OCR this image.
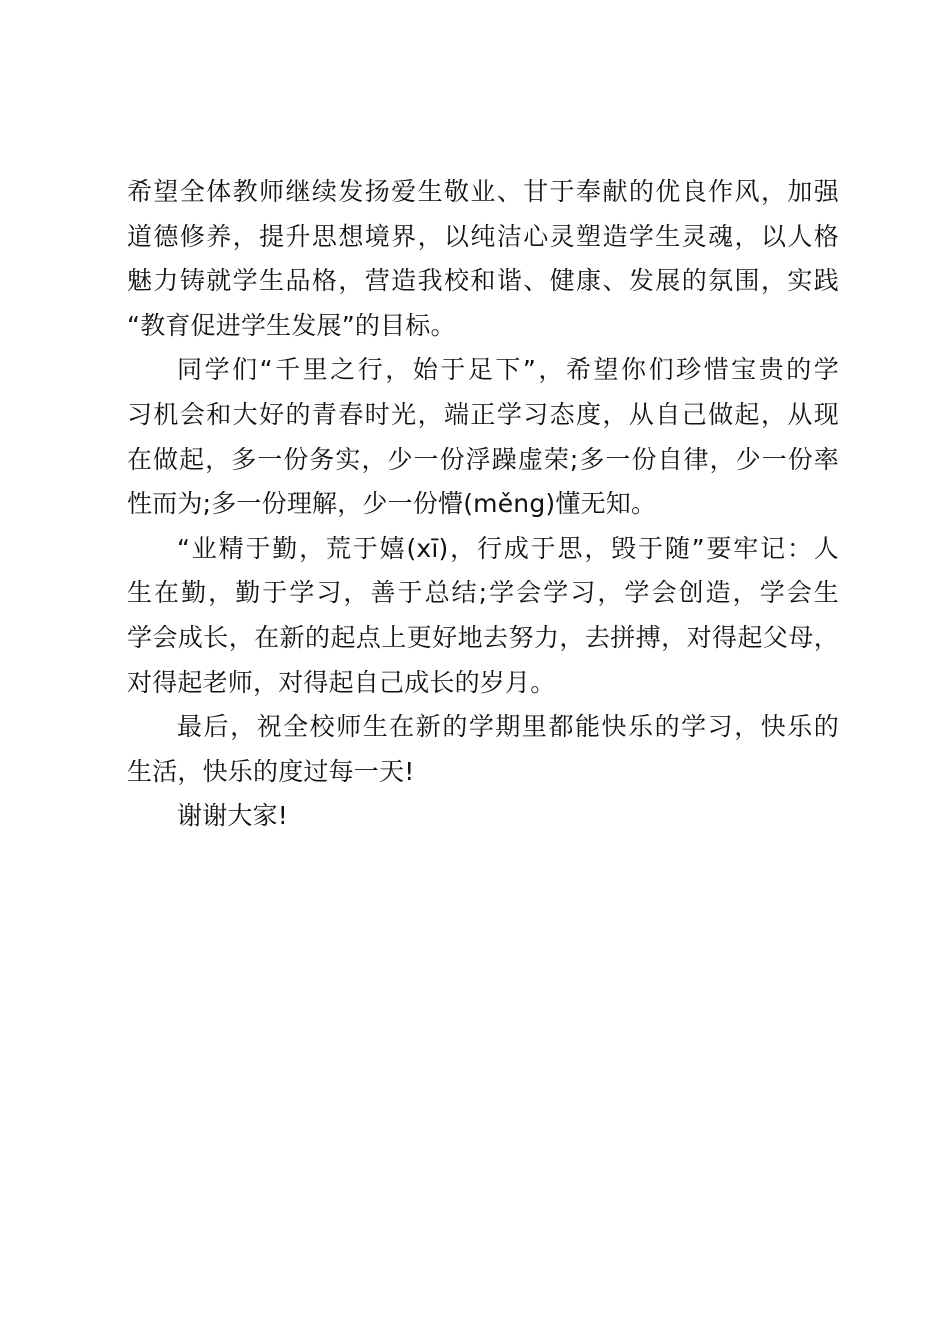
希望全体教师继续发扬爱生敬业、甘于奉献的优良作风，加强
道德修养，提升思想境界，以纯洁心灵塑造学生灵魂，以人格
魅力铸就学生品格，营造我校和谐、健康、发展的氛围，实践
“教育促进学生发展”的目标。
同学们“千里之行，始于足下”，希望你们珍惜宝贵的学
习机会和大好的青春时光，端正学习态度，从自己做起，从现
在做起，多一份务实，少一份浮躁虚荣;多一份自律，少一份率
性而为;多一份理解，少一份懵(měng)懂无知。
“业精于勤，荒于嬉(xī)，行成于思，毁于随”要牢记：人
生在勤，勤于学习，善于总结;学会学习，学会创造，学会生
学会成长，在新的起点上更好地去努力，去拼搏，对得起父母，
对得起老师，对得起自己成长的岁月。
最后，祝全校师生在新的学期里都能快乐的学习，快乐的
生活，快乐的度过每一天!
谢谢大家!
